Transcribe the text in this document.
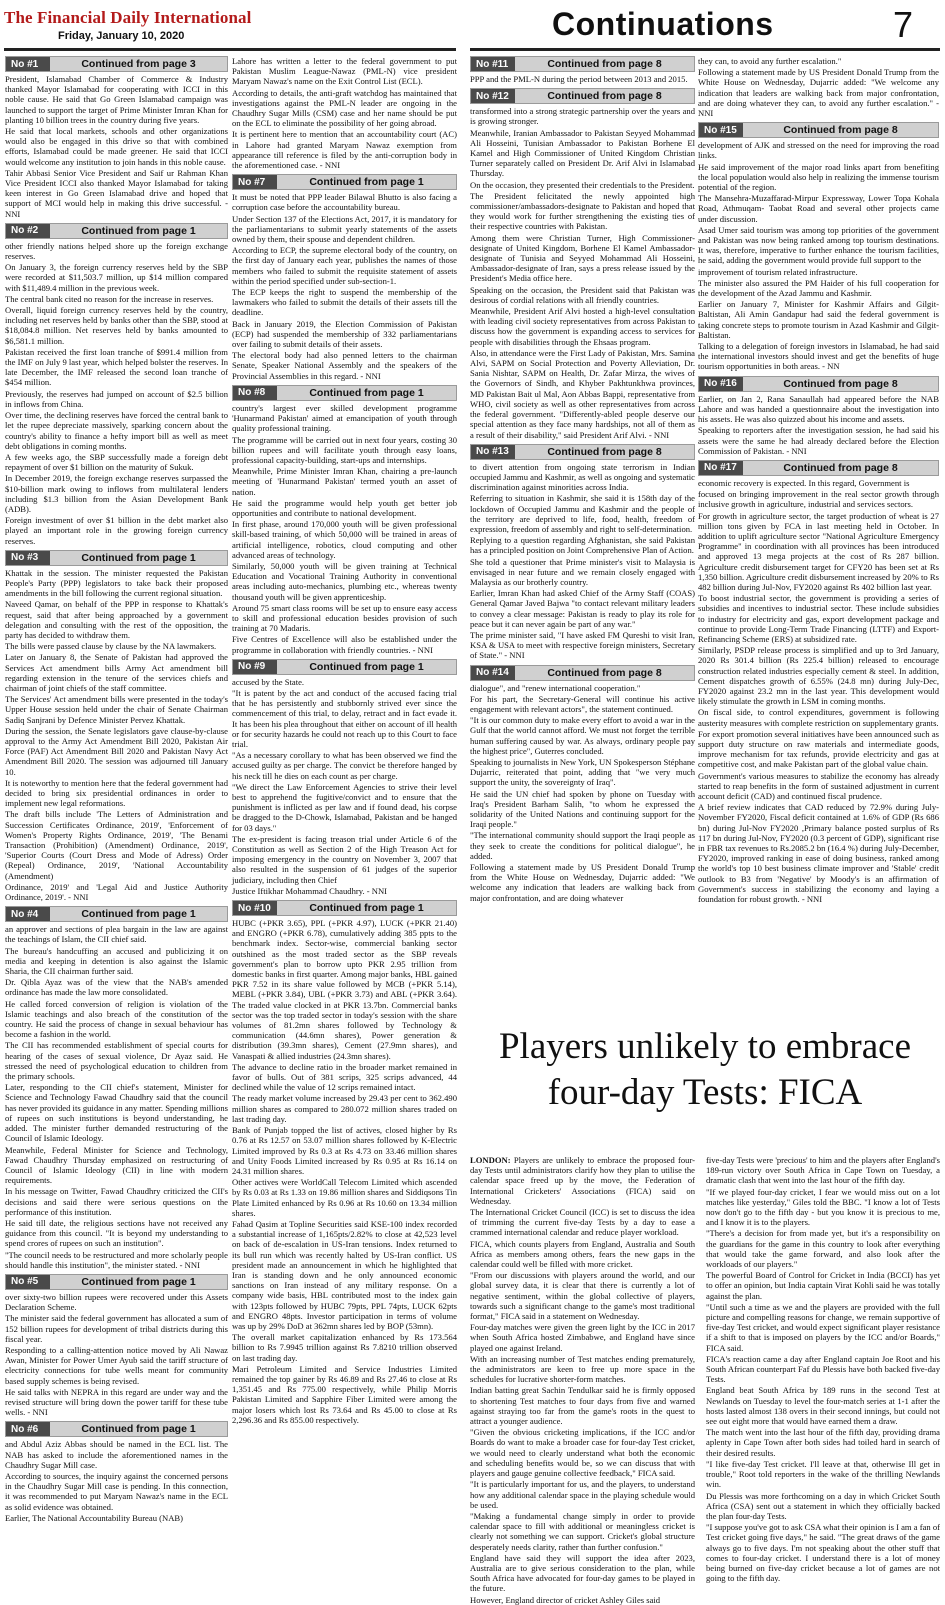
The Financial Daily International
Friday, January 10, 2020	Continuations	7
No #1	Continued from page 3

President, Islamabad Chamber of Commerce & Industry thanked Mayor Islamabad for cooperating with ICCI in this noble cause. He said that Go Green Islamabad campaign was launched to support the target of Prime Minister Imran Khan for planting 10 billion trees in the country during five years.

He said that local markets, schools and other organizations would also be engaged in this drive so that with combined efforts, Islamabad could be made greener. He said that ICCI would welcome any institution to join hands in this noble cause.

Tahir Abbasi Senior Vice President and Saif ur Rahman Khan Vice President ICCI also thanked Mayor Islamabad for taking keen interest in Go Green Islamabad drive and hoped that support of MCI would help in making this drive successful. - NNI

No #2	Continued from page 1

other friendly nations helped shore up the foreign exchange reserves.

On January 3, the foreign currency reserves held by the SBP were recorded at $11,503.7 million, up $14 million compared with $11,489.4 million in the previous week.

The central bank cited no reason for the increase in reserves.

Overall, liquid foreign currency reserves held by the country, including net reserves held by banks other than the SBP, stood at $18,084.8 million. Net reserves held by banks amounted to $6,581.1 million.

Pakistan received the first loan tranche of $991.4 million from the IMF on July 9 last year, which helped bolster the reserves. In late December, the IMF released the second loan tranche of $454 million.

Previously, the reserves had jumped on account of $2.5 billion in inflows from China.

Over time, the declining reserves have forced the central bank to let the rupee depreciate massively, sparking concern about the country's ability to finance a hefty import bill as well as meet debt obligations in coming months.

A few weeks ago, the SBP successfully made a foreign debt repayment of over $1 billion on the maturity of Sukuk.

In December 2019, the foreign exchange reserves surpassed the $10-billion mark owing to inflows from multilateral lenders including $1.3 billion from the Asian Development Bank (ADB).

Foreign investment of over $1 billion in the debt market also played an important role in the growing foreign currency reserves.

No #3	Continued from page 1

Khattak in the session. The minister requested the Pakistan People's Party (PPP) legislators to take back their proposed amendments in the bill following the current regional situation.

Naveed Qamar, on behalf of the PPP in response to Khattak's request, said that after being approached by a government delegation and consulting with the rest of the opposition, the party has decided to withdraw them.

The bills were passed clause by clause by the NA lawmakers.

Later on January 8, the Senate of Pakistan had approved the Services Act amendment bills Army Act amendment bill regarding extension in the tenure of the services chiefs and chairman of joint chiefs of the staff committee.

The Services' Act amendment bills were presented in the today's Upper House session held under the chair of Senate Chairman Sadiq Sanjrani by Defence Minister Pervez Khattak.

During the session, the Senate legislators gave clause-by-clause approval to the Army Act Amendment Bill 2020, Pakistan Air Force (PAF) Act Amendment Bill 2020 and Pakistan Navy Act Amendment Bill 2020. The session was adjourned till January 10.

It is noteworthy to mention here that the federal government had decided to bring six presidential ordinances in order to implement new legal reformations.

The draft bills include 'The Letters of Administration and Succession Certificates Ordinance, 2019', 'Enforcement of Women's Property Rights Ordinance, 2019', 'The Benami Transaction (Prohibition) (Amendment) Ordinance, 2019', 'Superior Courts (Court Dress and Mode of Adress) Order (Repeal) Ordinance, 2019', 'National Accountability (Amendment)

Ordinance, 2019' and 'Legal Aid and Justice Authority Ordinance, 2019'. - NNI

No #4	Continued from page 1

an approver and sections of plea bargain in the law are against the teachings of Islam, the CII chief said.

The bureau's handcuffing an accused and publicizing it on media and keeping in detention is also against the Islamic Sharia, the CII chairman further said.

Dr. Qibla Ayaz was of the view that the NAB's amended ordinance has made the law more consolidated.

He called forced conversion of religion is violation of the Islamic teachings and also breach of the constitution of the country. He said the process of change in sexual behaviour has become a fashion in the world.

The CII has recommended establishment of special courts for hearing of the cases of sexual violence, Dr Ayaz said. He stressed the need of psychological education to children from the primary schools.

Later, responding to the CII chief's statement, Minister for Science and Technology Fawad Chaudhry said that the council has never provided its guidance in any matter. Spending millions of rupees on such institutions is beyond understanding, he added. The minister further demanded restructuring of the Council of Islamic Ideology.

Meanwhile, Federal Minister for Science and Technology, Fawad Chaudhry Thursday emphasized on restructuring of Council of Islamic Ideology (CII) in line with modern requirements.

In his message on Twitter, Fawad Chaudhry criticized the CII's decisions and said there were serious questions on the performance of this institution.

He said till date, the religious sections have not received any guidance from this council. "It is beyond my understanding to spend crores of rupees on such an institution".

"The council needs to be restructured and more scholarly people should handle this institution", the minister stated. - NNI

No #5	Continued from page 1

over sixty-two billion rupees were recovered under this Assets Declaration Scheme.

The minister said the federal government has allocated a sum of 152 billion rupees for development of tribal districts during this fiscal year.

Responding to a calling-attention notice moved by Ali Nawaz Awan, Minister for Power Umer Ayub said the tariff structure of electricity connections for tube wells meant for community based supply schemes is being revised.

He said talks with NEPRA in this regard are under way and the revised structure will bring down the power tariff for these tube wells. - NNI

No #6	Continued from page 1

and Abdul Aziz Abbas should be named in the ECL list. The NAB has asked to include the aforementioned names in the Chaudhry Sugar Mill case.

According to sources, the inquiry against the concerned persons in the Chaudhry Sugar Mill case is pending. In this connection, it was recommended to put Maryam Nawaz's name in the ECL as solid evidence was obtained.

Earlier, The National Accountability Bureau (NAB)

Lahore has written a letter to the federal government to put Pakistan Muslim League-Nawaz (PML-N) vice president Maryam Nawaz's name on the Exit Control List (ECL).

According to details, the anti-graft watchdog has maintained that investigations against the PML-N leader are ongoing in the Chaudhry Sugar Mills (CSM) case and her name should be put on the ECL to eliminate the possibility of her going abroad.

It is pertinent here to mention that an accountability court (AC) in Lahore had granted Maryam Nawaz exemption from appearance till reference is filed by the anti-corruption body in the aforementioned case. - NNI

No #7	Continued from page 1

It must be noted that PPP leader Bilawal Bhutto is also facing a corruption case before the accountability bureau.

Under Section 137 of the Elections Act, 2017, it is mandatory for the parliamentarians to submit yearly statements of the assets owned by them, their spouse and dependent children.

According to ECP, the supreme electoral body of the country, on the first day of January each year, publishes the names of those members who failed to submit the requisite statement of assets within the period specified under sub-section-1.

The ECP keeps the right to suspend the membership of the lawmakers who failed to submit the details of their assets till the deadline.

Back in January 2019, the Election Commission of Pakistan (ECP) had suspended the membership of 332 parliamentarians over failing to submit details of their assets.

The electoral body had also penned letters to the chairman Senate, Speaker National Assembly and the speakers of the Provincial Assemblies in this regard. - NNI

No #8	Continued from page 1

country's largest ever skilled development programme 'Hunarmand Pakistan' aimed at emancipation of youth through quality professional training.

The programme will be carried out in next four years, costing 30 billion rupees and will facilitate youth through easy loans, professional capacity-building, start-ups and internships.

Meanwhile, Prime Minister Imran Khan, chairing a pre-launch meeting of 'Hunarmand Pakistan' termed youth an asset of nation.

He said the programme would help youth get better job opportunities and contribute to national development.

In first phase, around 170,000 youth will be given professional skill-based training, of which 50,000 will be trained in areas of artificial intelligence, robotics, cloud computing and other advanced areas of technology.

Similarly, 50,000 youth will be given training at Technical Education and Vocational Training Authority in conventional areas including auto-mechanics, plumbing etc., whereas twenty thousand youth will be given apprenticeship.

Around 75 smart class rooms will be set up to ensure easy access to skill and professional education besides provision of such training at 70 Madaris.

Five Centres of Excellence will also be established under the programme in collaboration with friendly countries. - NNI

No #9	Continued from page 1

accused by the State.

"It is patent by the act and conduct of the accused facing trial that he has persistently and stubbornly strived ever since the commencement of this trial, to delay, retract and in fact evade it. It has been his plea throughout that either on account of ill health or for security hazards he could not reach up to this Court to face trial.

"As a necessary corollary to what has been observed we find the accused guilty as per charge. The convict be therefore hanged by his neck till he dies on each count as per charge.

"We direct the Law Enforcement Agencies to strive their level best to apprehend the fugitive/convict and to ensure that the punishment is inflicted as per law and if found dead, his corpse be dragged to the D-Chowk, Islamabad, Pakistan and be hanged for 03 days."

The ex-president is facing treason trial under Article 6 of the Constitution as well as Section 2 of the High Treason Act for imposing emergency in the country on November 3, 2007 that also resulted in the suspension of 61 judges of the superior judiciary, including then Chief

Justice Iftikhar Mohammad Chaudhry. - NNI

No #10	Continued from page 1

HUBC (+PKR 3.65), PPL (+PKR 4.97), LUCK (+PKR 21.40) and ENGRO (+PKR 6.78), cumulatively adding 385 ppts to the benchmark index. Sector-wise, commercial banking sector outshined as the most traded sector as the SBP reveals government's plan to borrow upto PKR 2.95 trillion from domestic banks in first quarter. Among major banks, HBL gained PKR 7.52 in its share value followed by MCB (+PKR 5.14), MEBL (+PKR 3.84), UBL (+PKR 3.73) and ABL (+PKR 3.64). The traded value clocked in at PKR 13.7bn. Commercial banks sector was the top traded sector in today's session with the share volumes of 81.2mn shares followed by Technology & communication (44.6mn shares), Power generation & distribution (39.3mn shares), Cement (27.9mn shares), and Vanaspati & allied industries (24.3mn shares).

The advance to decline ratio in the broader market remained in favor of bulls. Out of 381 scrips, 325 scrips advanced, 44 declined while the value of 12 scrips remained intact.

The ready market volume increased by 29.43 per cent to 362.490 million shares as compared to 280.072 million shares traded on last trading day.

Bank of Punjab topped the list of actives, closed higher by Rs 0.76 at Rs 12.57 on 53.07 million shares followed by K-Electric Limited improved by Rs 0.3 at Rs 4.73 on 33.46 million shares and Unity Foods Limited increased by Rs 0.95 at Rs 16.14 on 24.31 million shares.

Other actives were WorldCall Telecom Limited which ascended by Rs 0.03 at Rs 1.33 on 19.86 million shares and Siddiqsons Tin Plate Limited enhanced by Rs 0.96 at Rs 10.60 on 13.34 million shares.

Fahad Qasim at Topline Securities said KSE-100 index recorded a substantial increase of 1,165pts/2.82% to close at 42,523 level on back of de-escalation in US-Iran tensions. Index returned to its bull run which was recently halted by US-Iran conflict. US president made an announcement in which he highlighted that Iran is standing down and he only announced economic sanctions on Iran instead of any military response. On a company wide basis, HBL contributed most to the index gain with 123pts followed by HUBC 79pts, PPL 74pts, LUCK 62pts and ENGRO 48pts. Investor participation in terms of volume was up by 29% DoD at 362mn shares led by BOP (53mn).

The overall market capitalization enhanced by Rs 173.564 billion to Rs 7.9945 trillion against Rs 7.8210 trillion observed on last trading day.

Mari Petroleum Limited and Service Industries Limited remained the top gainer by Rs 46.89 and Rs 27.46 to close at Rs 1,351.45 and Rs 775.00 respectively, while Philip Morris Pakistan Limited and Sapphire Fiber Limited were among the major losers which lost Rs 73.64 and Rs 45.00 to close at Rs 2,296.36 and Rs 855.00 respectively.

No #11	Continued from page 8

PPP and the PML-N during the period between 2013 and 2015.

No #12	Continued from page 8

transformed into a strong strategic partnership over the years and is growing stronger.

Meanwhile, Iranian Ambassador to Pakistan Seyyed Mohammad Ali Hosseini, Tunisian Ambassador to Pakistan Borhene El Kamel and High Commissioner of United Kingdom Christian Turner separately called on President Dr. Arif Alvi in Islamabad Thursday.

On the occasion, they presented their credentials to the President.

The President felicitated the newly appointed high commissioner/ambassadors-designate to Pakistan and hoped that they would work for further strengthening the existing ties of their respective countries with Pakistan.

Among them were Christian Turner, High Commissioner-designate of United Kingdom, Borhene El Kamel Ambassador-designate of Tunisia and Seyyed Mohammad Ali Hosseini, Ambassador-designate of Iran, says a press release issued by the President's Media office here.

Speaking on the occasion, the President said that Pakistan was desirous of cordial relations with all friendly countries.

Meanwhile, President Arif Alvi hosted a high-level consultation with leading civil society representatives from across Pakistan to discuss how the government is expanding access to services for people with disabilities through the Ehsaas program.

Also, in attendance were the First Lady of Pakistan, Mrs. Samina Alvi, SAPM on Social Protection and Poverty Alleviation, Dr. Sania Nishtar, SAPM on Health, Dr. Zafar Mirza, the wives of the Governors of Sindh, and Khyber Pakhtunkhwa provinces, MD Pakistan Bait ul Mal, Aon Abbas Bappi, representative from WHO, civil society as well as other representatives from across the federal government. "Differently-abled people deserve our special attention as they face many hardships, not all of them as a result of their disability," said President Arif Alvi. - NNI

No #13	Continued from page 8

to divert attention from ongoing state terrorism in Indian occupied Jammu and Kashmir, as well as ongoing and systematic discrimination against minorities across India.

Referring to situation in Kashmir, she said it is 158th day of the lockdown of Occupied Jammu and Kashmir and the people of the territory are deprived to life, food, health, freedom of expression, freedom of assembly and right to self-determination.

Replying to a question regarding Afghanistan, she said Pakistan has a principled position on Joint Comprehensive Plan of Action.

She told a questioner that Prime minister's visit to Malaysia is envisaged in near future and we remain closely engaged with Malaysia as our brotherly country.

Earlier, Imran Khan had asked Chief of the Army Staff (COAS) General Qamar Javed Bajwa "to contact relevant military leaders to convey a clear message: Pakistan is ready to play its role for peace but it can never again be part of any war."

The prime minister said, "I have asked FM Qureshi to visit Iran, KSA & USA to meet with respective foreign ministers, Secretary of State." - NNI

No #14	Continued from page 8

dialogue", and "renew international cooperation."

For his part, the Secretary-General will continue his active engagement with relevant actors", the statement continued.

"It is our common duty to make every effort to avoid a war in the Gulf that the world cannot afford. We must not forget the terrible human suffering caused by war. As always, ordinary people pay the highest price", Guterres concluded.

Speaking to journalists in New York, UN Spokesperson Stéphane Dujarric, reiterated that point, adding that "we very much support the unity, the sovereignty of Iraq".

He said the UN chief had spoken by phone on Tuesday with Iraq's President Barham Salih, "to whom he expressed the solidarity of the United Nations and continuing support for the Iraqi people."

"The international community should support the Iraqi people as they seek to create the conditions for political dialogue", he added.

Following a statement made by US President Donald Trump from the White House on Wednesday, Dujarric added: "We welcome any indication that leaders are walking back from major confrontation, and are doing whatever

they can, to avoid any further escalation."

Following a statement made by US President Donald Trump from the White House on Wednesday, Dujarric added: "We welcome any indication that leaders are walking back from major confrontation, and are doing whatever they can, to avoid any further escalation." - NNI

No #15	Continued from page 8

development of AJK and stressed on the need for improving the road links.

He said improvement of the major road links apart from benefiting the local population would also help in realizing the immense tourism potential of the region.

The Mansehra-Muzaffarad-Mirpur Expressway, Lower Topa Kohala Road, Athmuqam- Taobat Road and several other projects came under discussion.

Asad Umer said tourism was among top priorities of the government and Pakistan was now being ranked among top tourism destinations. It was, therefore, imperative to further enhance the tourism facilities, he said, adding the government would provide full support to the

improvement of tourism related infrastructure.

The minister also assured the PM Haider of his full cooperation for the development of the Azad Jammu and Kashmir.

Earlier on January 7, Minister for Kashmir Affairs and Gilgit-Baltistan, Ali Amin Gandapur had said the federal government is taking concrete steps to promote tourism in Azad Kashmir and Gilgit-Baltistan.

Talking to a delegation of foreign investors in Islamabad, he had said the international investors should invest and get the benefits of huge tourism opportunities in both areas. - NN

No #16	Continued from page 8

Earlier, on Jan 2, Rana Sanaullah had appeared before the NAB Lahore and was handed a questionnaire about the investigation into his assets. He was also quizzed about his income and assets.

Speaking to reporters after the investigation session, he had said his assets were the same he had already declared before the Election Commission of Pakistan. - NNI

No #17	Continued from page 8

economic recovery is expected. In this regard, Government is

focused on bringing improvement in the real sector growth through inclusive growth in agriculture, industrial and services sectors.

For growth in agriculture sector, the target production of wheat is 27 million tons given by FCA in last meeting held in October. In addition to uplift agriculture sector "National Agriculture Emergency Programme" in coordination with all provinces has been introduced and approved 13 mega projects at the cost of Rs 287 billion. Agriculture credit disbursement target for CFY20 has been set at Rs 1,350 billion. Agriculture credit disbursement increased by 20% to Rs 482 billion during Jul-Nov, FY2020 against Rs 402 billion last year.

To boost industrial sector, the government is providing a series of subsidies and incentives to industrial sector. These include subsidies to industry for electricity and gas, export development package and continue to provide Long-Term Trade Financing (LTTF) and Export-Refinancing Scheme (ERS) at subsidized rate.

Similarly, PSDP release process is simplified and up to 3rd January, 2020 Rs 301.4 billion (Rs 225.4 billion) released to encourage construction related industries especially cement & steel. In addition, Cement dispatches growth of 6.55% (24.8 mn) during July-Dec, FY2020 against 23.2 mn in the last year. This development would likely stimulate the growth in LSM in coming months.

On fiscal side, to control expenditures, government is following austerity measures with complete restriction on supplementary grants.

For export promotion several initiatives have been announced such as support duty structure on raw materials and intermediate goods, improve mechanism for tax refunds, provide electricity and gas at competitive cost, and make Pakistan part of the global value chain.

Government's various measures to stabilize the economy has already started to reap benefits in the form of sustained adjustment in current account deficit (CAD) and continued fiscal prudence.

A brief review indicates that CAD reduced by 72.9% during July-November FY2020, Fiscal deficit contained at 1.6% of GDP (Rs 686 bn) during Jul-Nov FY2020 ,Primary balance posted surplus of Rs 117 bn during Jul-Nov, FY2020 (0.3 percent of GDP), significant rise in FBR tax revenues to Rs.2085.2 bn (16.4 %) during July-December, FY2020, improved ranking in ease of doing business, ranked among the world's top 10 best business climate improver and 'Stable' credit outlook to B3 from 'Negative' by Moody's is an affirmation of Government's success in stabilizing the economy and laying a foundation for robust growth. - NNI

Players unlikely to embrace four-day Tests: FICA

LONDON: Players are unlikely to embrace the proposed four-day Tests until administrators clarify how they plan to utilise the calendar space freed up by the move, the Federation of International Cricketers' Associations (FICA) said on Wednesday.

The International Cricket Council (ICC) is set to discuss the idea of trimming the current five-day Tests by a day to ease a crammed international calendar and reduce player workload.

FICA, which counts players from England, Australia and South Africa as members among others, fears the new gaps in the calendar could well be filled with more cricket.

"From our discussions with players around the world, and our global survey data, it is clear that there is currently a lot of negative sentiment, within the global collective of players, towards such a significant change to the game's most traditional format," FICA said in a statement on Wednesday.

Four-day matches were given the green light by the ICC in 2017 when South Africa hosted Zimbabwe, and England have since played one against Ireland.

With an increasing number of Test matches ending prematurely, the administrators are keen to free up more space in the schedules for lucrative shorter-form matches.

Indian batting great Sachin Tendulkar said he is firmly opposed to shortening Test matches to four days from five and warned against straying too far from the game's roots in the quest to attract a younger audience.

"Given the obvious cricketing implications, if the ICC and/or Boards do want to make a broader case for four-day Test cricket, we would need to clearly understand what both the economic and scheduling benefits would be, so we can discuss that with players and gauge genuine collective feedback," FICA said.

"It is particularly important for us, and the players, to understand how any additional calendar space in the playing schedule would be used.

"Making a fundamental change simply in order to provide calendar space to fill with additional or meaningless cricket is clearly not something we can support. Cricket's global structure desperately needs clarity, rather than further confusion."

England have said they will support the idea after 2023, Australia are to give serious consideration to the plan, while South Africa have advocated for four-day games to be played in the future.

However, England director of cricket Ashley Giles said

five-day Tests were 'precious' to him and the players after England's 189-run victory over South Africa in Cape Town on Tuesday, a dramatic clash that went into the last hour of the fifth day.

"If we played four-day cricket, I fear we would miss out on a lot matches like yesterday," Giles told the BBC. "I know a lot of Tests now don't go to the fifth day - but you know it is precious to me, and I know it is to the players.

"There's a decision for from made yet, but it's a responsibility on the guardians for the game in this country to look after everything that would take the game forward, and also look after the workloads of our players."

The powerful Board of Control for Cricket in India (BCCI) has yet to offer an opinion, but India captain Virat Kohli said he was totally against the plan.

"Until such a time as we and the players are provided with the full picture and compelling reasons for change, we remain supportive of five-day Test cricket, and would expect significant player resistance if a shift to that is imposed on players by the ICC and/or Boards," FICA said.

FICA's reaction came a day after England captain Joe Root and his South African counterpart Faf du Plessis have both backed five-day Tests.

England beat South Africa by 189 runs in the second Test at Newlands on Tuesday to level the four-match series at 1-1 after the hosts lasted almost 138 overs in their second innings, but could not see out eight more that would have earned them a draw.

The match went into the last hour of the fifth day, providing drama aplenty in Cape Town after both sides had toiled hard in search of their desired results.

"I like five-day Test cricket. I'll leave at that, otherwise Ill get in trouble," Root told reporters in the wake of the thrilling Newlands win.

Du Plessis was more forthcoming on a day in which Cricket South Africa (CSA) sent out a statement in which they officially backed the plan four-day Tests.

"I suppose you've got to ask CSA what their opinion is I am a fan of Test cricket going five days," he said. "The great draws of the game always go to five days. I'm not speaking about the other stuff that comes to four-day cricket. I understand there is a lot of money being burned on five-day cricket because a lot of games are not going to the fifth day.
